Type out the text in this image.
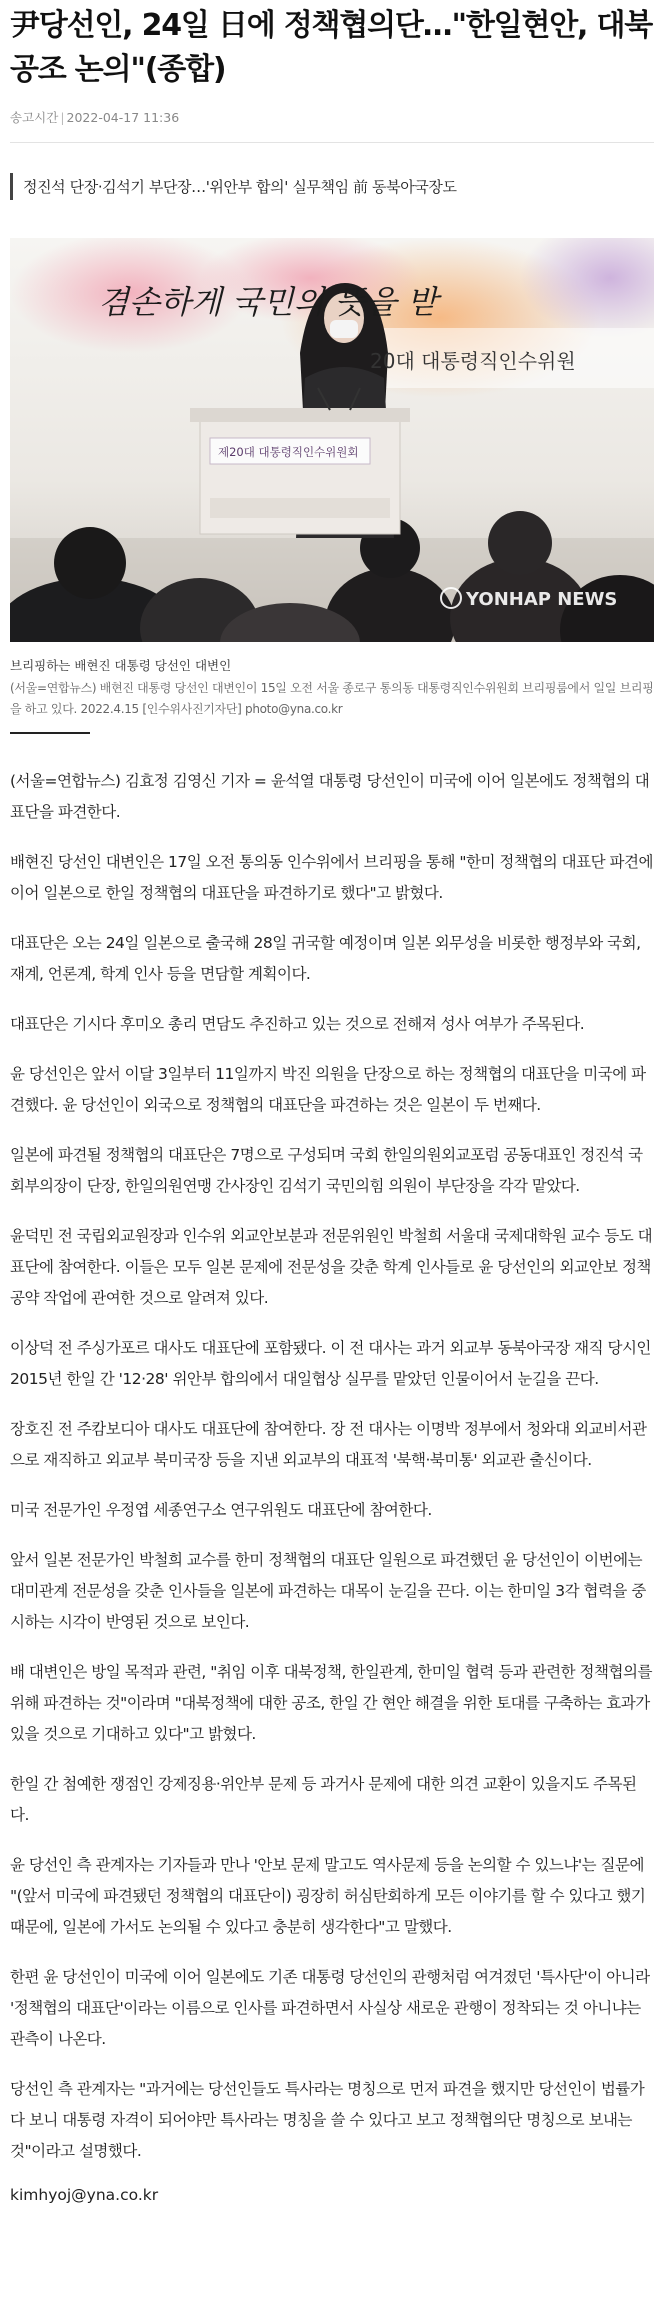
尹당선인, 24일 日에 정책협의단…"한일현안, 대북공조 논의"(종합)
송고시간 | 2022-04-17 11:36
정진석 단장·김석기 부단장…'위안부 합의' 실무책임 前 동북아국장도
겸손하게 국민의 뜻을 받
20대 대통령직인수위원
제20대 대통령직인수위원회
YONHAP NEWS
브리핑하는 배현진 대통령 당선인 대변인
(서울=연합뉴스) 배현진 대통령 당선인 대변인이 15일 오전 서울 종로구 통의동 대통령직인수위원회 브리핑룸에서 일일 브리핑을 하고 있다. 2022.4.15 [인수위사진기자단] photo@yna.co.kr

(서울=연합뉴스) 김효정 김영신 기자 = 윤석열 대통령 당선인이 미국에 이어 일본에도 정책협의 대표단을 파견한다.

배현진 당선인 대변인은 17일 오전 통의동 인수위에서 브리핑을 통해 "한미 정책협의 대표단 파견에 이어 일본으로 한일 정책협의 대표단을 파견하기로 했다"고 밝혔다.

대표단은 오는 24일 일본으로 출국해 28일 귀국할 예정이며 일본 외무성을 비롯한 행정부와 국회, 재계, 언론계, 학계 인사 등을 면담할 계획이다.

대표단은 기시다 후미오 총리 면담도 추진하고 있는 것으로 전해져 성사 여부가 주목된다.

윤 당선인은 앞서 이달 3일부터 11일까지 박진 의원을 단장으로 하는 정책협의 대표단을 미국에 파견했다. 윤 당선인이 외국으로 정책협의 대표단을 파견하는 것은 일본이 두 번째다.

일본에 파견될 정책협의 대표단은 7명으로 구성되며 국회 한일의원외교포럼 공동대표인 정진석 국회부의장이 단장, 한일의원연맹 간사장인 김석기 국민의힘 의원이 부단장을 각각 맡았다.

윤덕민 전 국립외교원장과 인수위 외교안보분과 전문위원인 박철희 서울대 국제대학원 교수 등도 대표단에 참여한다. 이들은 모두 일본 문제에 전문성을 갖춘 학계 인사들로 윤 당선인의 외교안보 정책 공약 작업에 관여한 것으로 알려져 있다.

이상덕 전 주싱가포르 대사도 대표단에 포함됐다. 이 전 대사는 과거 외교부 동북아국장 재직 당시인 2015년 한일 간 '12·28' 위안부 합의에서 대일협상 실무를 맡았던 인물이어서 눈길을 끈다.

장호진 전 주캄보디아 대사도 대표단에 참여한다. 장 전 대사는 이명박 정부에서 청와대 외교비서관으로 재직하고 외교부 북미국장 등을 지낸 외교부의 대표적 '북핵·북미통' 외교관 출신이다.

미국 전문가인 우정엽 세종연구소 연구위원도 대표단에 참여한다.

앞서 일본 전문가인 박철희 교수를 한미 정책협의 대표단 일원으로 파견했던 윤 당선인이 이번에는 대미관계 전문성을 갖춘 인사들을 일본에 파견하는 대목이 눈길을 끈다. 이는 한미일 3각 협력을 중시하는 시각이 반영된 것으로 보인다.

배 대변인은 방일 목적과 관련, "취임 이후 대북정책, 한일관계, 한미일 협력 등과 관련한 정책협의를 위해 파견하는 것"이라며 "대북정책에 대한 공조, 한일 간 현안 해결을 위한 토대를 구축하는 효과가 있을 것으로 기대하고 있다"고 밝혔다.

한일 간 첨예한 쟁점인 강제징용·위안부 문제 등 과거사 문제에 대한 의견 교환이 있을지도 주목된다.

윤 당선인 측 관계자는 기자들과 만나 '안보 문제 말고도 역사문제 등을 논의할 수 있느냐'는 질문에 "(앞서 미국에 파견됐던 정책협의 대표단이) 굉장히 허심탄회하게 모든 이야기를 할 수 있다고 했기 때문에, 일본에 가서도 논의될 수 있다고 충분히 생각한다"고 말했다.

한편 윤 당선인이 미국에 이어 일본에도 기존 대통령 당선인의 관행처럼 여겨졌던 '특사단'이 아니라 '정책협의 대표단'이라는 이름으로 인사를 파견하면서 사실상 새로운 관행이 정착되는 것 아니냐는 관측이 나온다.

당선인 측 관계자는 "과거에는 당선인들도 특사라는 명칭으로 먼저 파견을 했지만 당선인이 법률가다 보니 대통령 자격이 되어야만 특사라는 명칭을 쓸 수 있다고 보고 정책협의단 명칭으로 보내는 것"이라고 설명했다.

kimhyoj@yna.co.kr
